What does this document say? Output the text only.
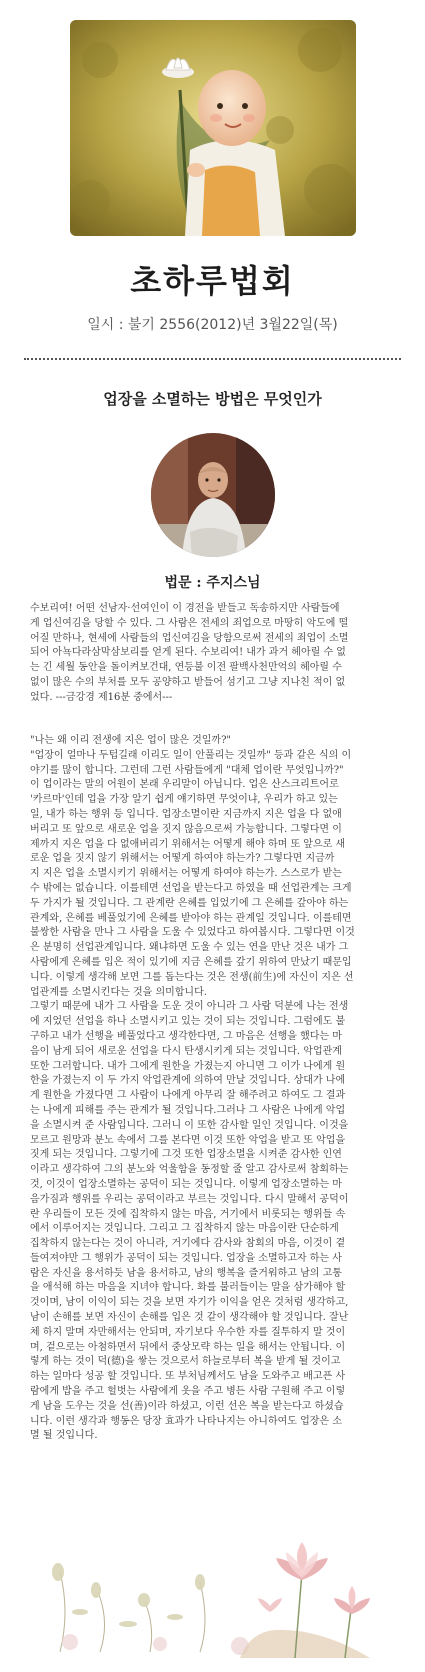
초하루법회
일시 : 불기 2556(2012)년 3월22일(목)
업장을 소멸하는 방법은 무엇인가
법문 : 주지스님

수보리여! 어떤 선남자·선여인이 이 경전을 받들고 독송하지만 사람들에
게 업신여김을 당할 수 있다. 그 사람은 전세의 죄업으로 마땅히 악도에 떨
어질 만하나, 현세에 사람들의 업신여김을 당함으로써 전세의 죄업이 소멸
되어 아뇩다라삼막삼보리를 얻게 된다. 수보리여! 내가 과거 헤아릴 수 없
는 긴 세월 동안을 돌이켜보건대, 연등불 이전 팔백사천만억의 헤아릴 수
없이 많은 수의 부처를 모두 공양하고 받들어 섬기고 그냥 지나친 적이 없
었다. ---금강경 제16분 중에서---

"나는 왜 이리 전생에 지은 업이 많은 것일까?"
"업장이 얼마나 두텁길래 이리도 일이 안풀리는 것일까" 등과 같은 식의 이
야기를 많이 합니다. 그런데 그런 사람들에게 "대체 업이란 무엇입니까?"
이 업이라는 말의 어원이 본래 우리말이 아닙니다. 업은 산스크리트어로
'카르마'인데 업을 가장 알기 쉽게 얘기하면 무엇이냐, 우리가 하고 있는
일, 내가 하는 행위 등 입니다. 업장소멸이란 지금까지 지은 업을 다 없애
버리고 또 앞으로 새로운 업을 짓지 않음으로써 가능합니다. 그렇다면 이
제까지 지은 업을 다 없애버리기 위해서는 어떻게 해야 하며 또 앞으로 새
로운 업을 짓지 않기 위해서는 어떻게 하여야 하는가? 그렇다면 지금까
지 지은 업을 소멸시키기 위해서는 어떻게 하여야 하는가. 스스로가 받는
수 밖에는 없습니다. 이를테면 선업을 받는다고 하였을 때 선업관계는 크게
두 가지가 될 것입니다. 그 관계란 은혜를 입었기에 그 은혜를 갚아야 하는
관계와, 은혜를 베풀었기에 은혜를 받아야 하는 관계일 것입니다. 이를테면
불쌍한 사람을 만나 그 사람을 도울 수 있었다고 하여봅시다. 그렇다면 이것
은 분명히 선업관계입니다. 왜냐하면 도울 수 있는 연을 만난 것은 내가 그
사람에게 은혜를 입은 적이 있기에 지금 은혜를 갚기 위하여 만났기 때문입
니다. 이렇게 생각해 보면 그를 돕는다는 것은 전생(前生)에 자신이 지은 선
업관계를 소멸시킨다는 것을 의미합니다.
그렇기 때문에 내가 그 사람을 도운 것이 아니라 그 사람 덕분에 나는 전생
에 지었던 선업을 하나 소멸시키고 있는 것이 되는 것입니다. 그럼에도 불
구하고 내가 선행을 베풀었다고 생각한다면, 그 마음은 선행을 했다는 마
음이 남게 되어 새로운 선업을 다시 탄생시키게 되는 것입니다. 악업관계
또한 그러합니다. 내가 그에게 원한을 가졌는지 아니면 그 이가 나에게 원
한을 가졌는지 이 두 가지 악업관계에 의하여 만날 것입니다. 상대가 나에
게 원한을 가졌다면 그 사람이 나에게 아무리 잘 해주려고 하여도 그 결과
는 나에게 피해를 주는 관계가 될 것입니다.그러나 그 사람은 나에게 악업
을 소멸시켜 준 사람입니다. 그러니 이 또한 감사할 일인 것입니다. 이것을
모르고 원망과 분노 속에서 그를 본다면 이것 또한 악업을 받고 또 악업을
짓게 되는 것입니다. 그렇기에 그것 또한 업장소멸을 시켜준 감사한 인연
이라고 생각하여 그의 분노와 억울함을 동정할 줄 알고 감사로써 참회하는
것, 이것이 업장소멸하는 공덕이 되는 것입니다. 이렇게 업장소멸하는 마
음가짐과 행위를 우리는 공덕이라고 부르는 것입니다. 다시 말해서 공덕이
란 우리들이 모든 것에 집착하지 않는 마음, 거기에서 비롯되는 행위들 속
에서 이루어지는 것입니다. 그리고 그 집착하지 않는 마음이란 단순하게
집착하지 않는다는 것이 아니라, 거기에다 감사와 참회의 마음, 이것이 곁
들여져야만 그 행위가 공덕이 되는 것입니다. 업장을 소멸하고자 하는 사
람은 자신을 용서하듯 남을 용서하고, 남의 행복을 즐거워하고 남의 고통
을 애석해 하는 마음을 지녀야 합니다. 화를 불러들이는 말을 삼가해야 할
것이며, 남이 이익이 되는 것을 보면 자기가 이익을 얻은 것처럼 생각하고,
남이 손해를 보면 자신이 손해를 입은 것 같이 생각해야 할 것입니다. 잘난
체 하지 말며 자만해서는 안되며, 자기보다 우수한 자를 질투하지 말 것이
며, 겉으로는 아첨하면서 뒤에서 중상모략 하는 일을 해서는 안됩니다. 이
렇게 하는 것이 덕(德)을 쌓는 것으로서 하늘로부터 복을 받게 될 것이고
하는 일마다 성공 할 것입니다. 또 부처님께서도 남을 도와주고 배고픈 사
람에게 밥을 주고 헐벗는 사람에게 옷을 주고 병든 사람 구원해 주고 이렇
게 남을 도우는 것을 선(善)이라 하셨고, 이런 선은 복을 받는다고 하셨습
니다. 이런 생각과 행동은 당장 효과가 나타나지는 아니하여도 업장은 소
멸 될 것입니다.
